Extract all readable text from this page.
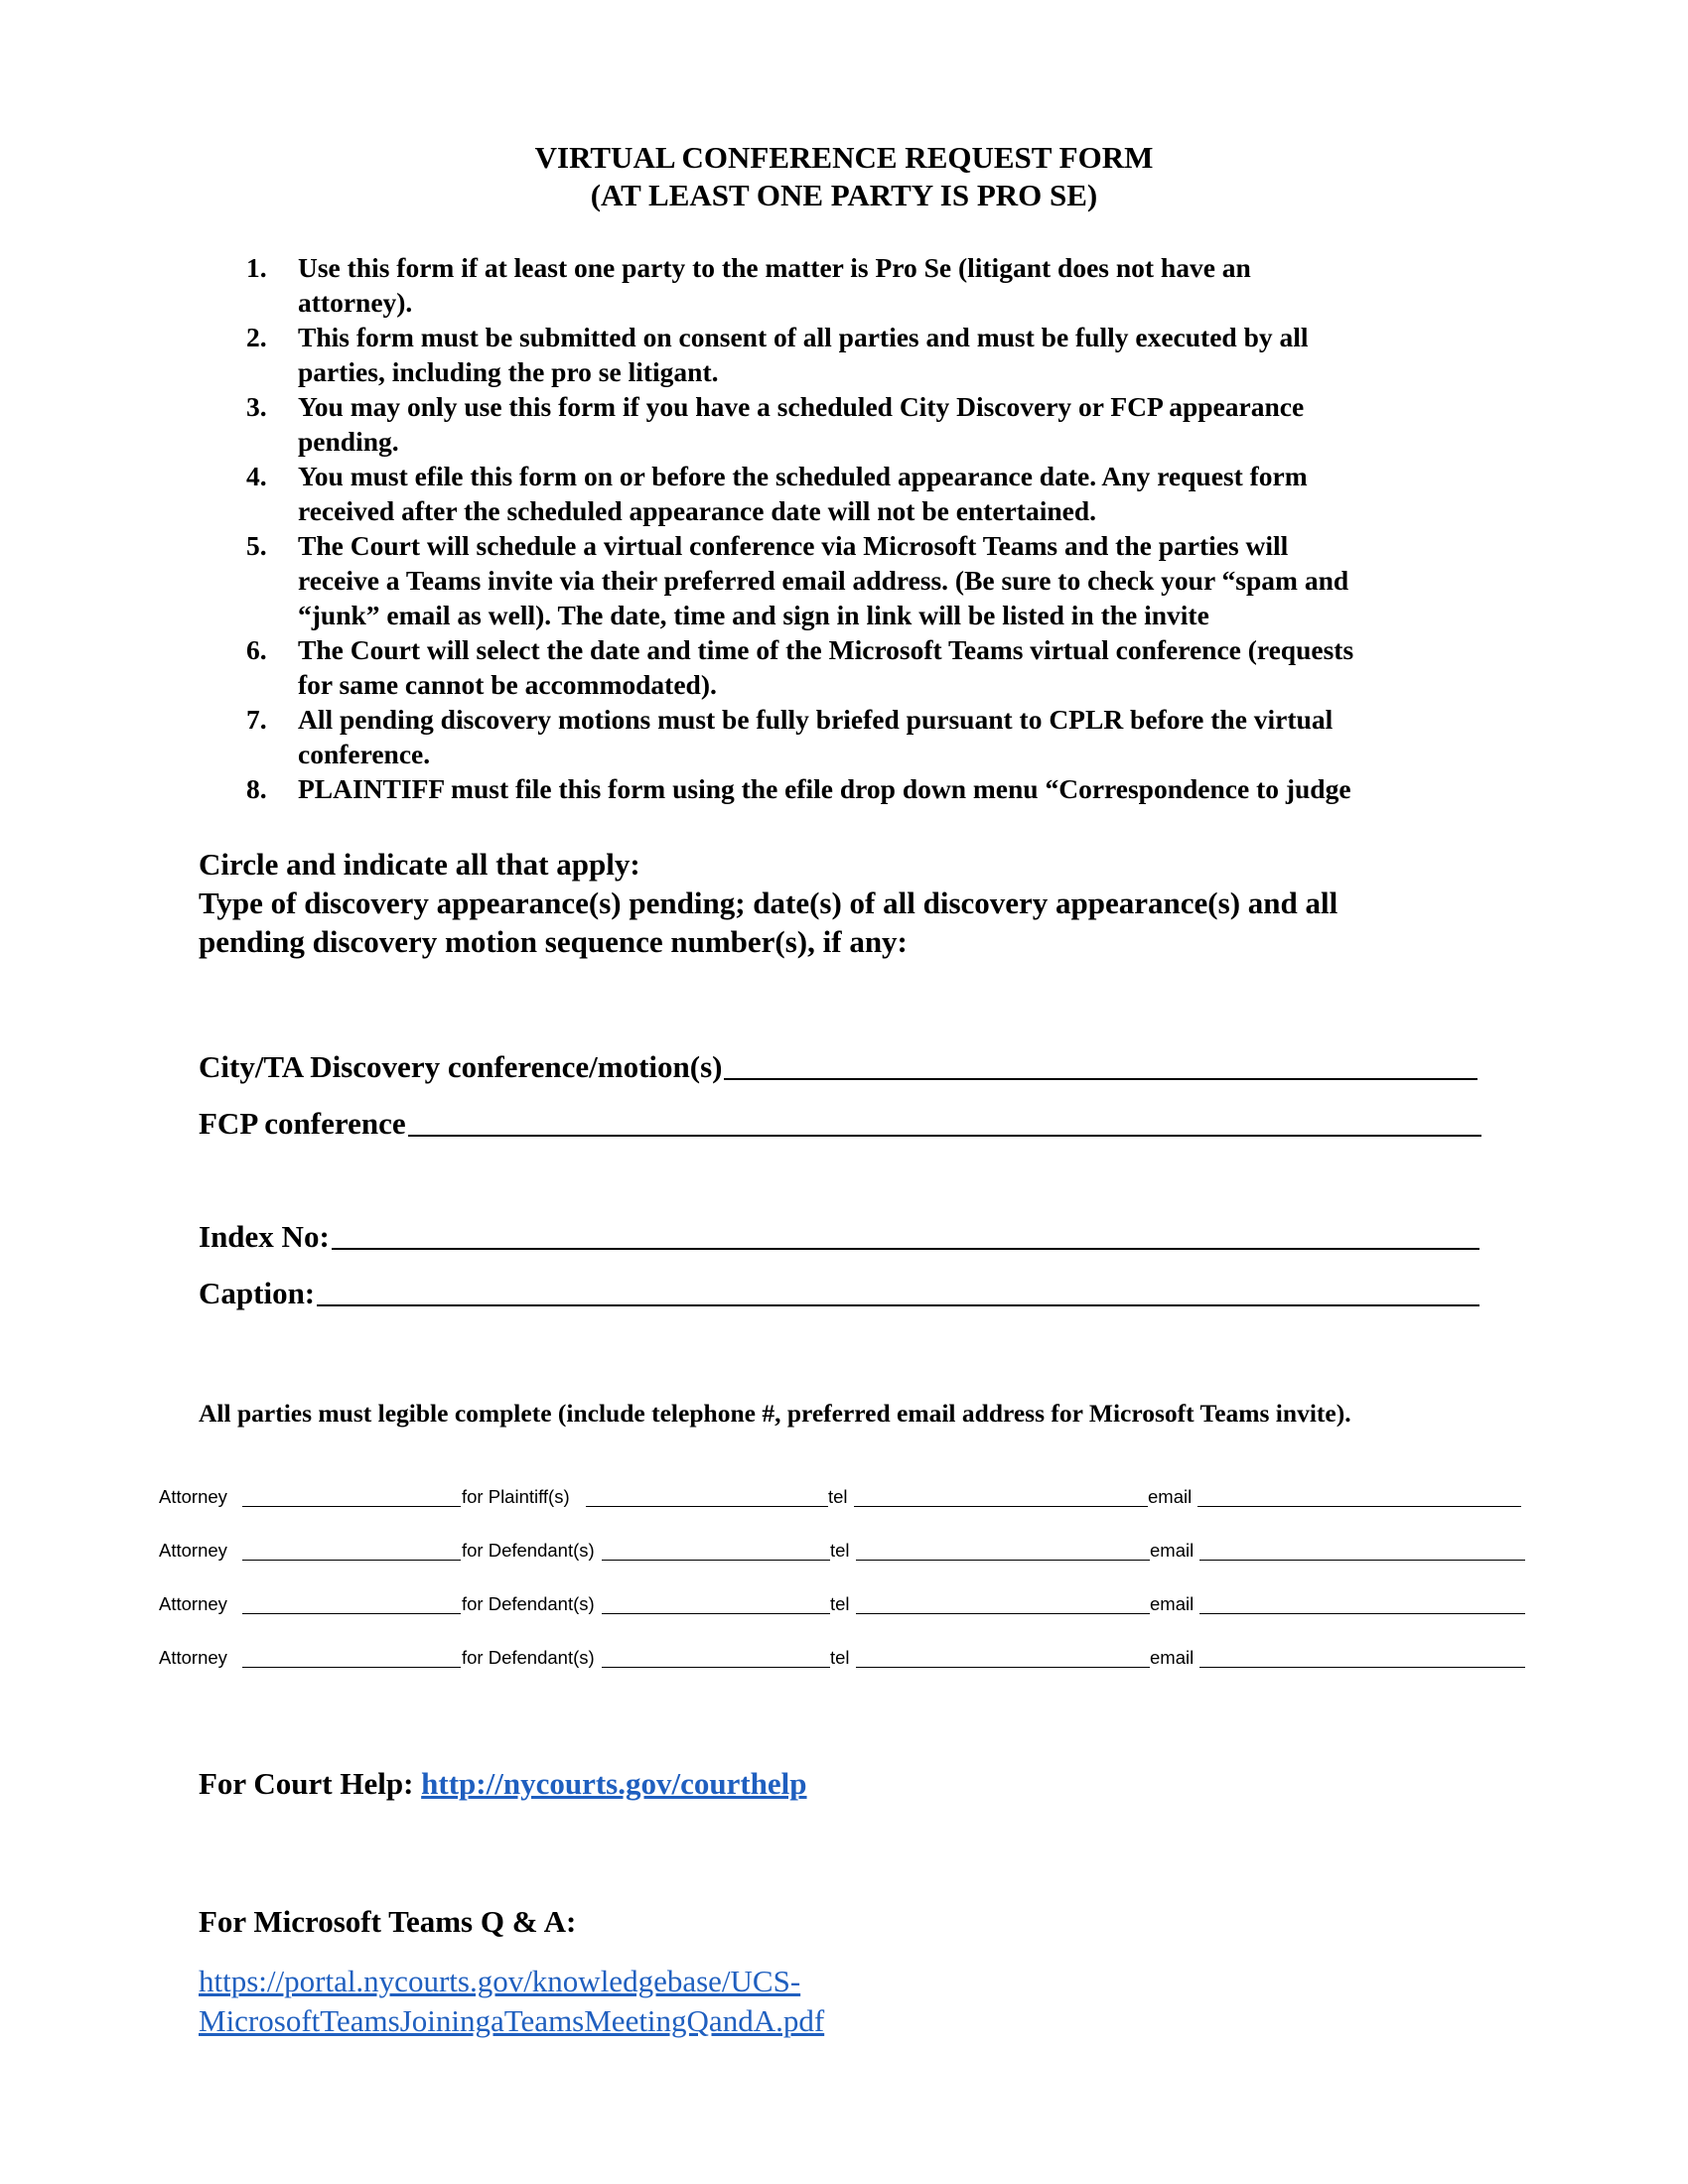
VIRTUAL CONFERENCE REQUEST FORM
(AT LEAST ONE PARTY IS PRO SE)
1.	Use this form if at least one party to the matter is Pro Se (litigant does not have an
attorney).
2.	This form must be submitted on consent of all parties and must be fully executed by all
parties, including the pro se litigant.
3.	You may only use this form if you have a scheduled City Discovery or FCP appearance
pending.
4.	You must efile this form on or before the scheduled appearance date. Any request form
received after the scheduled appearance date will not be entertained.
5.	The Court will schedule a virtual conference via Microsoft Teams and the parties will
receive a Teams invite via their preferred email address. (Be sure to check your “spam and
“junk” email as well). The date, time and sign in link will be listed in the invite
6.	The Court will select the date and time of the Microsoft Teams virtual conference (requests
for same cannot be accommodated).
7.	All pending discovery motions must be fully briefed pursuant to CPLR before the virtual
conference.
8.	PLAINTIFF must file this form using the efile drop down menu “Correspondence to judge
Circle and indicate all that apply:
Type of discovery appearance(s) pending; date(s) of all discovery appearance(s) and all
pending discovery motion sequence number(s), if any:
City/TA Discovery conference/motion(s)
FCP conference
Index No:
Caption:
All parties must legible complete (include telephone #, preferred email address for Microsoft Teams invite).
Attorney	for Plaintiff(s)	tel	email
Attorney	for Defendant(s)	tel	email
Attorney	for Defendant(s)	tel	email
Attorney	for Defendant(s)	tel	email
For Court Help: http://nycourts.gov/courthelp
For Microsoft Teams Q & A:
https://portal.nycourts.gov/knowledgebase/UCS-
MicrosoftTeamsJoiningaTeamsMeetingQandA.pdf
